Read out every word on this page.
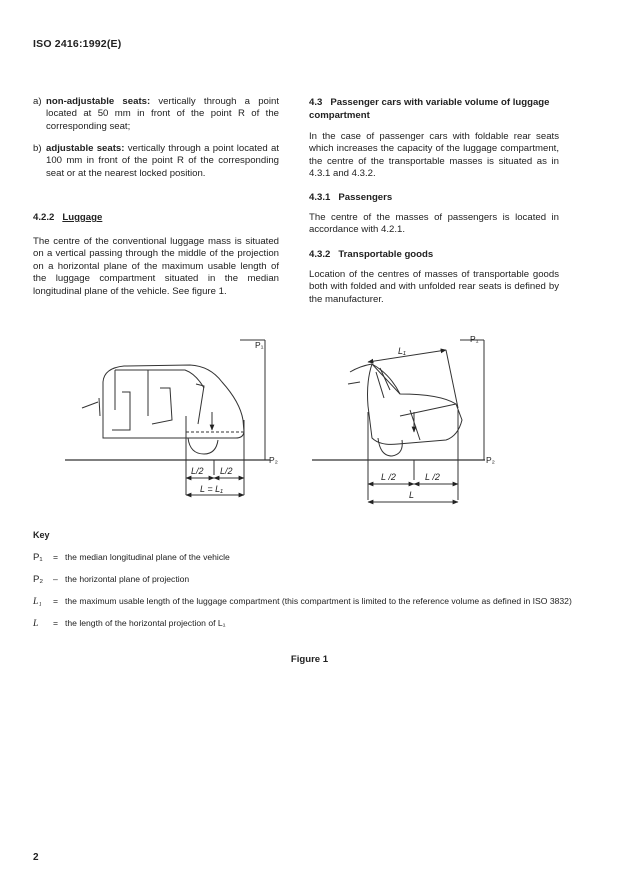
ISO 2416:1992(E)
a) non-adjustable seats: vertically through a point located at 50 mm in front of the point R of the corresponding seat;
b) adjustable seats: vertically through a point located at 100 mm in front of the point R of the corresponding seat or at the nearest locked position.
4.2.2 Luggage
The centre of the conventional luggage mass is situated on a vertical passing through the middle of the projection on a horizontal plane of the maximum usable length of the luggage compartment situated in the median longitudinal plane of the vehicle. See figure 1.
4.3 Passenger cars with variable volume of luggage compartment
In the case of passenger cars with foldable rear seats which increases the capacity of the luggage compartment, the centre of the transportable masses is situated as in 4.3.1 and 4.3.2.
4.3.1 Passengers
The centre of the masses of passengers is located in accordance with 4.2.1.
4.3.2 Transportable goods
Location of the centres of masses of transportable goods both with folded and with unfolded rear seats is defined by the manufacturer.
P₁
P₂
L/2 L/2
L = L₁
P₁
P₂
L₁
L /2	L /2
L
Key
P₁	= the median longitudinal plane of the vehicle
P₂	– the horizontal plane of projection
L₁	= the maximum usable length of the luggage compartment (this compartment is limited to the reference volume as defined in ISO 3832)
L	= the length of the horizontal projection of L₁
Figure 1
2
